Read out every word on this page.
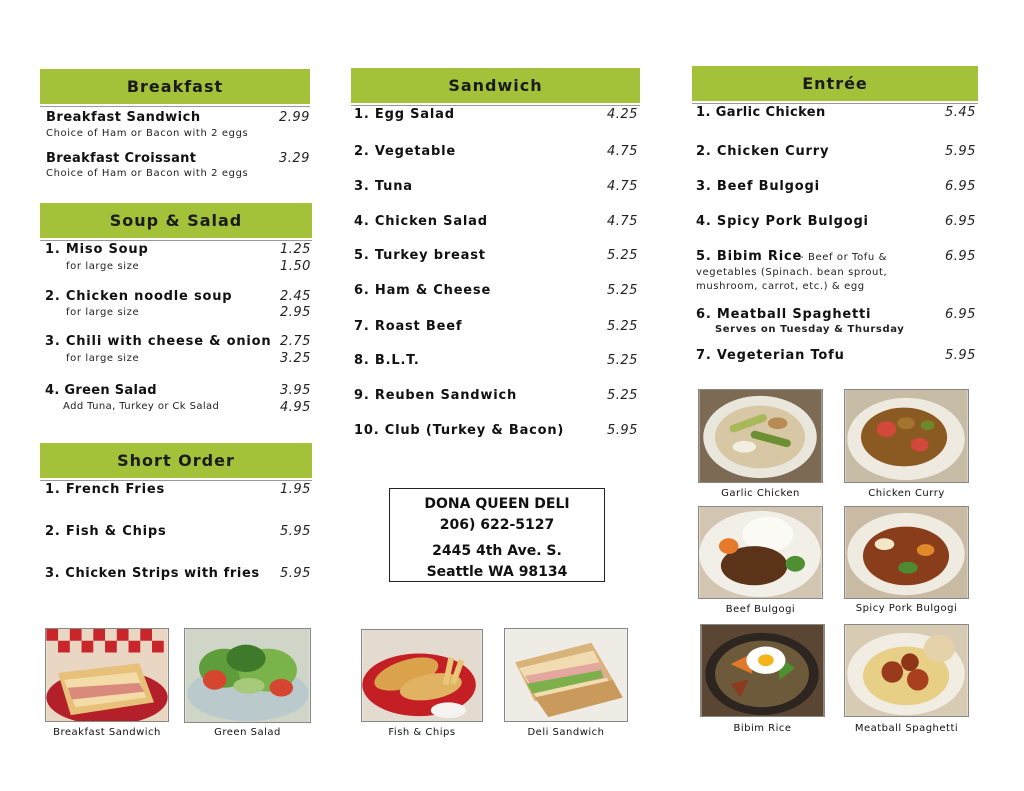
Breakfast
Breakfast Sandwich	2.99
Choice of Ham or Bacon with 2 eggs
Breakfast Croissant	3.29
Choice of Ham or Bacon with 2 eggs
Soup & Salad
1. Miso Soup	1.25
for large size	1.50
2. Chicken noodle soup	2.45
for large size	2.95
3. Chili with cheese & onion 2.75
for large size	3.25
4. Green Salad	3.95
Add Tuna, Turkey or Ck Salad	4.95
Short Order
1. French Fries	1.95
2. Fish & Chips	5.95
3. Chicken Strips with fries 5.95
Sandwich
1. Egg Salad	4.25
2. Vegetable	4.75
3. Tuna	4.75
4. Chicken Salad	4.75
5. Turkey breast	5.25
6. Ham & Cheese	5.25
7. Roast Beef	5.25
8. B.L.T.	5.25
9. Reuben Sandwich	5.25
10. Club (Turkey & Bacon)	5.95
DONA QUEEN DELI
206) 622-5127
2445 4th Ave. S.
Seattle WA 98134
Entrée
1. Garlic Chicken	5.45
2. Chicken Curry	5.95
3. Beef Bulgogi	6.95
4. Spicy Pork Bulgogi	6.95
5. Bibim Rice
- Beef or Tofu &	6.95
vegetables (Spinach. bean sprout,
mushroom, carrot, etc.) & egg
6. Meatball Spaghetti	6.95
Serves on Tuesday & Thursday
7. Vegeterian Tofu	5.95
Breakfast Sandwich	Green Salad	Fish & Chips	Deli Sandwich
Garlic Chicken	Chicken Curry
Beef Bulgogi	Spicy Pork Bulgogi
Bibim Rice	Meatball Spaghetti
